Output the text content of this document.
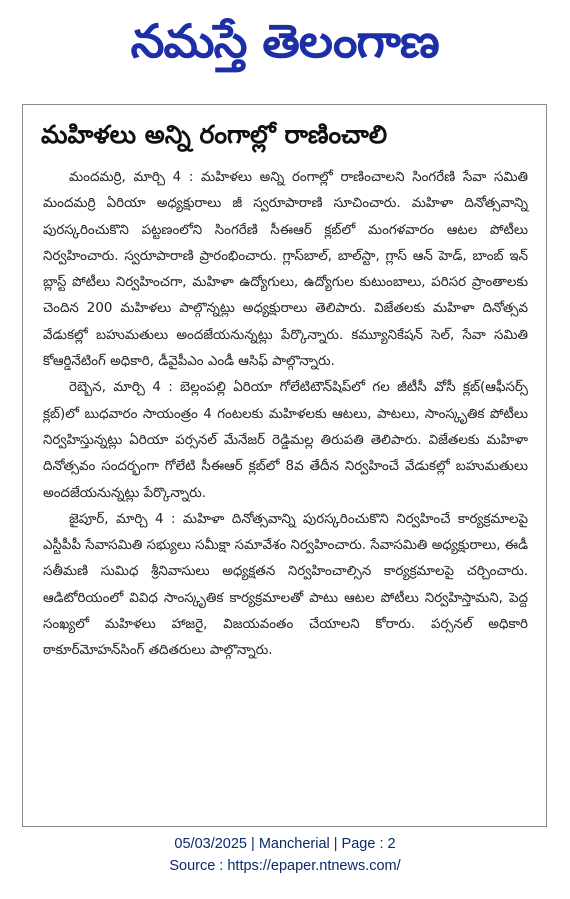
నమస్తే తెలంగాణ
మహిళలు అన్ని రంగాల్లో రాణించాలి

మందమర్రి, మార్చి 4 : మహిళలు అన్ని రంగాల్లో రాణించాలని సింగరేణి సేవా సమితి మందమర్రి ఏరియా అధ్యక్షురాలు జీ స్వరూపారాణి సూచించారు. మహిళా దినోత్సవాన్ని పురస్కరించుకొని పట్టణంలోని సింగరేణి సీఈఆర్ క్లబ్‌లో మంగళవారం ఆటల పోటీలు నిర్వహించారు. స్వరూపారాణి ప్రారంభించారు. గ్లాస్‌బాల్, బాల్‌స్టా, గ్లాస్ ఆన్ హెడ్, బాంబ్ ఇన్ బ్లాస్ట్ పోటీలు నిర్వహించగా, మహిళా ఉద్యోగులు, ఉద్యోగుల కుటుంబాలు, పరిసర ప్రాంతాలకు చెందిన 200 మహిళలు పాల్గొన్నట్లు అధ్యక్షురాలు తెలిపారు. విజేతలకు మహిళా దినోత్సవ వేడుకల్లో బహుమతులు అందజేయనున్నట్లు పేర్కొన్నారు. కమ్యూనికేషన్ సెల్, సేవా సమితి కోఆర్డినేటింగ్ అధికారి, డీవైపీఎం ఎండీ ఆసిఫ్ పాల్గొన్నారు.

రెబ్బెన, మార్చి 4 : బెల్లంపల్లి ఏరియా గోలేటిటౌన్‌షిప్‌లో గల జీటీసీ వోసీ క్లబ్(ఆఫీసర్స్ క్లబ్)లో బుధవారం సాయంత్రం 4 గంటలకు మహిళలకు ఆటలు, పాటలు, సాంస్కృతిక పోటీలు నిర్వహిస్తున్నట్లు ఏరియా పర్సనల్ మేనేజర్ రెడ్డిమల్ల తిరుపతి తెలిపారు. విజేతలకు మహిళా దినోత్సవం సందర్భంగా గోలేటి సీఈఆర్ క్లబ్‌లో 8వ తేదీన నిర్వహించే వేడుకల్లో బహుమతులు అందజేయనున్నట్లు పేర్కొన్నారు.

జైపూర్, మార్చి 4 : మహిళా దినోత్సవాన్ని పురస్కరించుకొని నిర్వహించే కార్యక్రమాలపై ఎస్టీపీపీ సేవాసమితి సభ్యులు సమీక్షా సమావేశం నిర్వహించారు. సేవాసమితి అధ్యక్షురాలు, ఈడీ సతీమణి సుమిధ శ్రీనివాసులు అధ్యక్షతన నిర్వహించాల్సిన కార్యక్రమాలపై చర్చించారు. ఆడిటోరియంలో వివిధ సాంస్కృతిక కార్యక్రమాలతో పాటు ఆటల పోటీలు నిర్వహిస్తామని, పెద్ద సంఖ్యలో మహిళలు హాజరై, విజయవంతం చేయాలని కోరారు. పర్సనల్ అధికారి ఠాకూర్‌మోహన్‌సింగ్ తదితరులు పాల్గొన్నారు.

05/03/2025 | Mancherial | Page : 2
Source : https://epaper.ntnews.com/
